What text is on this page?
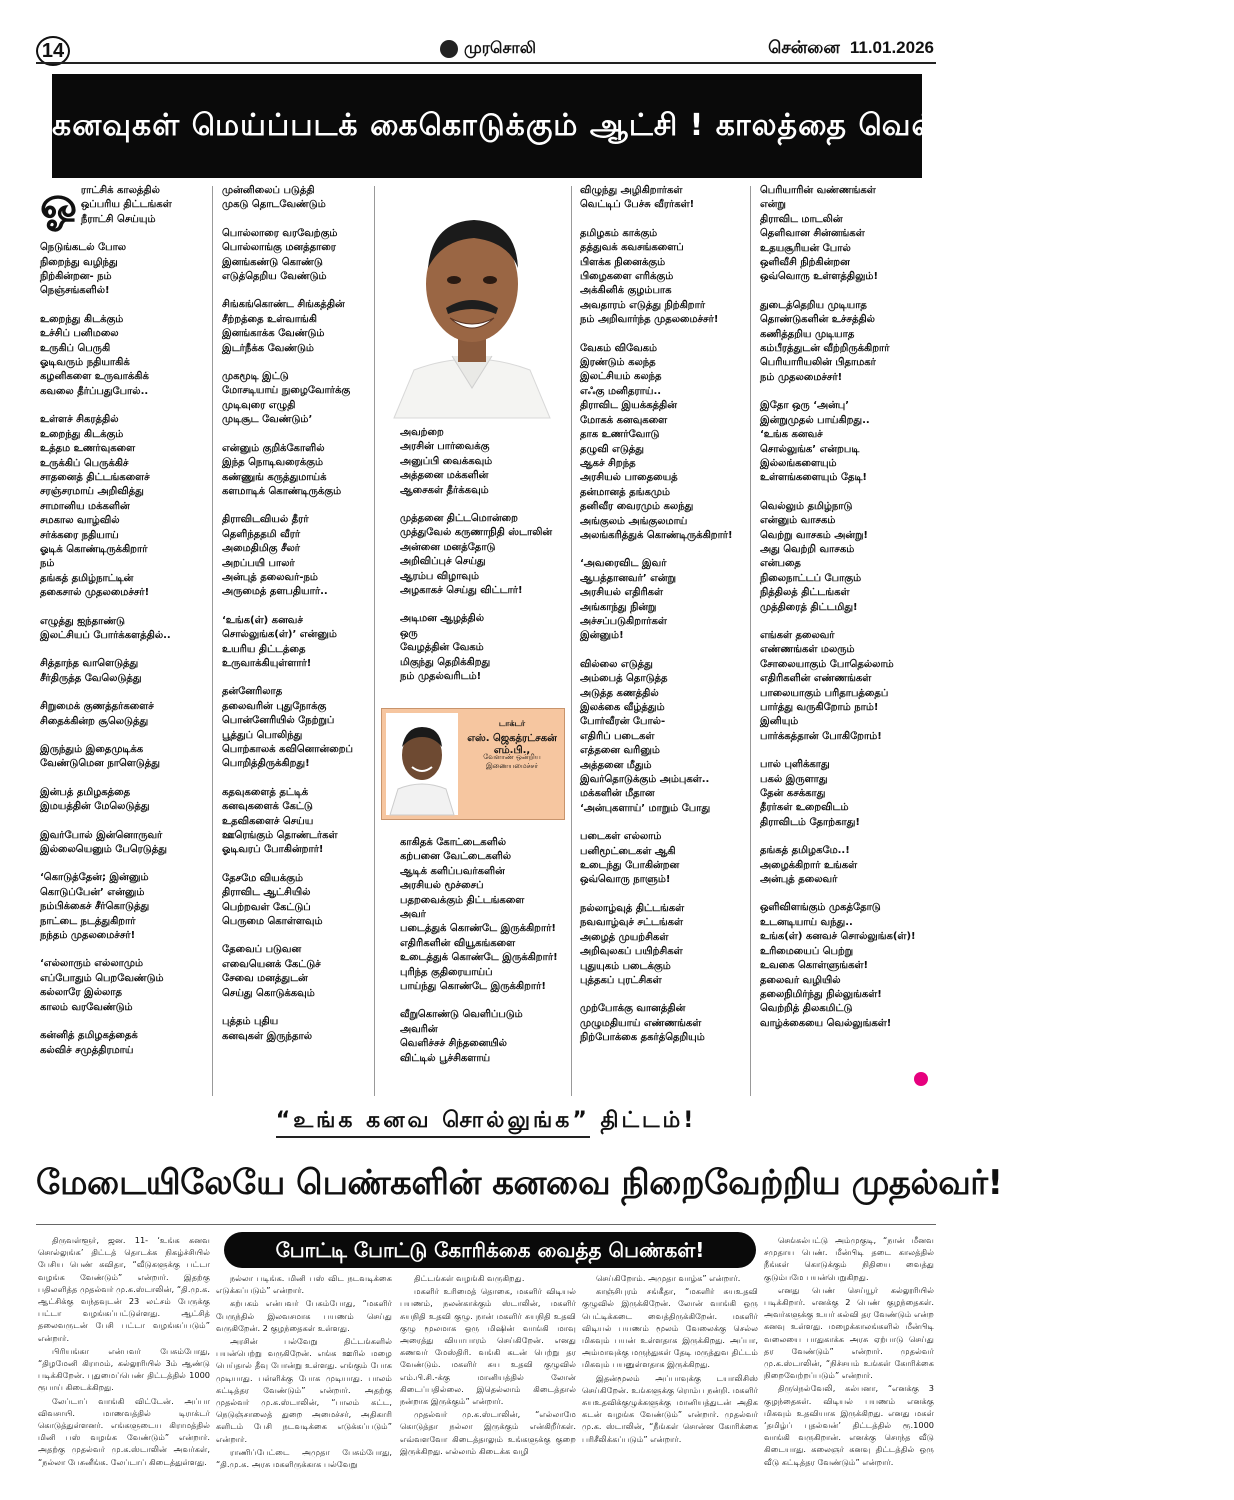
14	முரசொலி	சென்னை 11.01.2026
கனவுகள் மெய்ப்படக் கைகொடுக்கும் ஆட்சி ! காலத்தை வெல்லும் கம்பீரக் காட்சி !
ஓ ராட்சிக் காலத்தில்
ஒப்பரிய திட்டங்கள்
நீராட்சி செய்யும்

நெடுங்கடல் போல
நிறைந்து வழிந்து
நிற்கின்றன- நம்
நெஞ்சங்களில்!

உறைந்து கிடக்கும்
உச்சிப் பனிமலை
உருகிப் பெருகி
ஓடிவரும் நதியாகிக்
கழனிகளை உருவாக்கிக்
கவலை தீர்ப்பதுபோல்..

உள்ளச் சிகரத்தில்
உறைந்து கிடக்கும்
உத்தம உணர்வுகளை
உருக்கிப் பெருக்கிச்
சாதனைத் திட்டங்களைச்
சரஞ்சரமாய் அறிவித்து
சாமானிய மக்களின்
சமகால வாழ்வில்
சர்க்கரை நதியாய்
ஓடிக் கொண்டிருக்கிறார்
நம்
தங்கத் தமிழ்நாட்டின்
தகைசால் முதலமைச்சர்!

எழுத்து ஐந்தாண்டு
இலட்சியப் போர்க்களத்தில்..

சித்தாந்த வாளெடுத்து
சீர்திருத்த வேலெடுத்து

சிறுமைக் குணத்தர்களைச்
சிதைக்கின்ற சூலெடுத்து

இருந்தும் இதைமுடிக்க
வேண்டுமென நாளெடுத்து

இன்பத் தமிழகத்தை
இமயத்தின் மேலெடுத்து

இவர்போல் இன்னொருவர்
இல்லையெனும் பேரெடுத்து

‘கொடுத்தேன்; இன்னும்
கொடுப்பேன்’ என்னும்
நம்பிக்கைச் சீர்கொடுத்து
நாட்டை நடத்துகிறார்
நந்தம் முதலமைச்சர்!

‘எல்லாரும் எல்லாமும்
எப்போதும் பெறவேண்டும்
கல்லாரே இல்லாத
காலம் வரவேண்டும்

கன்னித் தமிழகத்தைக்
கல்விச் சமுத்திரமாய்

முன்னிலைப் படுத்தி
முகடு தொடவேண்டும்

பொல்லாரை வரவேற்கும்
பொல்லாங்கு மனத்தாரை
இனங்கண்டு கொண்டு
எடுத்தெறிய வேண்டும்

சிங்கங்கொண்ட சிங்கத்தின்
சீற்றத்தை உள்வாங்கி
இனங்காக்க வேண்டும்
இடர்நீக்க வேண்டும்

முகமூடி இட்டு
மோசடியாய் நுழைவோர்க்கு
முடிவுரை எழுதி
முடிசூட வேண்டும்’

என்னும் குறிக்கோளில்
இந்த நொடிவரைக்கும்
கண்ணுங் கருத்துமாய்க்
களமாடிக் கொண்டிருக்கும்

திராவிடவியல் தீரர்
தெளிந்ததமி வீரர்
அமைதிமிகு சீலர்
அறப்பயி பாலர்
அன்புத் தலைவர்-நம்
அருமைத் தளபதியார்..

‘உங்க(ள்) கனவச்
சொல்லுங்க(ள்)’ என்னும்
உயரிய திட்டத்தை
உருவாக்கியுள்ளார்!

தன்னேரிலாத
தலைவரின் புதுநோக்கு
பொன்னேரியில் நேற்றுப்
பூத்துப் பொலிந்து
பொற்காலக் கவினொன்றைப்
பொறித்திருக்கிறது!

கதவுகளைத் தட்டிக்
கனவுகளைக் கேட்டு
உதவிகளைச் செய்ய
ஊரெங்கும் தொண்டர்கள்
ஓடிவரப் போகின்றார்!

தேசமே வியக்கும்
திராவிட ஆட்சியில்
பெற்றவள் கேட்டுப்
பெருமை கொள்ளவும்

தேவைப் படுவன
எவையெனக் கேட்டுச்
சேவை மனத்துடன்
செய்து கொடுக்கவும்

புத்தம் புதிய
கனவுகள் இருந்தால்

அவற்றை
அரசின் பார்வைக்கு
அனுப்பி வைக்கவும்
அத்தனை மக்களின்
ஆசைகள் தீர்க்கவும்

முத்தனை திட்டமொன்றை
முத்துவேல் கருணாநிதி ஸ்டாலின்
அன்னை மனத்தோடு
அறிவிப்புச் செய்து
ஆரம்ப விழாவும்
அழகாகச் செய்து விட்டார்!

அடிமன ஆழத்தில்
ஒரு
வேழத்தின் வேகம்
மிகுந்து தெறிக்கிறது
நம் முதல்வரிடம்!

டாக்டர்
எஸ். ஜெகத்ரட்சகன் எம்.பி.,
வேளாண் ஒன்றிய இணையமைச்சர்

காகிதக் கோட்டைகளில்
கற்பனை வேட்டைகளில்
ஆடிக் களிப்பவர்களின்
அரசியல் மூச்சைப்
பதறவைக்கும் திட்டங்களை
அவர்
படைத்துக் கொண்டே இருக்கிறார்!
எதிரிகளின் வியூகங்களை
உடைத்துக் கொண்டே இருக்கிறார்!
புரிந்த குதிரையாய்ப்
பாய்ந்து கொண்டே இருக்கிறார்!

வீறுகொண்டு வெளிப்படும்
அவரின்
வெளிச்சச் சிந்தனையில்
விட்டில் பூச்சிகளாய்

விழுந்து அழிகிறார்கள்
வெட்டிப் பேச்சு வீரர்கள்!

தமிழகம் காக்கும்
தத்துவக் கவசங்களைப்
பிளக்க நினைக்கும்
பிழைகளை எரிக்கும்
அக்கினிக் குழம்பாக
அவதாரம் எடுத்து நிற்கிறார்
நம் அறிவார்ந்த முதலமைச்சர்!

வேகம் விவேகம்
இரண்டும் கலந்த
இலட்சியம் கலந்த
எஃகு மனிதராய்..
திராவிட இயக்கத்தின்
மோகக் கனவுகளை
தாக உணர்வோடு
தழுவி எடுத்து
ஆகச் சிறந்த
அரசியல் பாதையைத்
தன்மானத் தங்கமும்
தனிவீர வைரமும் கலந்து
அங்குலம் அங்குலமாய்
அலங்கரித்துக் கொண்டிருக்கிறார்!

‘அவரைவிட இவர்
ஆபத்தானவர்’ என்று
அரசியல் எதிரிகள்
அங்காந்து நின்று
அச்சப்படுகிறார்கள்
இன்னும்!

வில்லை எடுத்து
அம்பைத் தொடுத்த
அடுத்த கணத்தில்
இலக்கை வீழ்த்தும்
போர்வீரன் போல்-
எதிரிப் படைகள்
எத்தனை வரினும்
அத்தனை மீதும்
இவர்தொடுக்கும் அம்புகள்..
மக்களின் மீதான
‘அன்புகளாய்’ மாறும் போது

படைகள் எல்லாம்
பனிமூட்டைகள் ஆகி
உடைந்து போகின்றன
ஒவ்வொரு நாளும்!

நல்லாழ்வுத் திட்டங்கள்
நவவாழ்வுச் சட்டங்கள்
அழைத் முயற்சிகள்
அறிவுலகப் பயிற்சிகள்
புதுயுகம் படைக்கும்
புத்தகப் புரட்சிகள்

முற்போக்கு வானத்தின்
முழுமதியாய் எண்ணங்கள்
நிற்போக்கை தகர்த்தெறியும்

பெரியாரின் வண்ணங்கள்
என்று
திராவிட மாடலின்
தெளிவான சின்னங்கள்
உதயசூரியன் போல்
ஒளிவீசி நிற்கின்றன
ஒவ்வொரு உள்ளத்திலும்!

துடைத்தெறிய முடியாத
தொண்டுகளின் உச்சத்தில்
கணித்தறிய முடியாத
கம்பீரத்துடன் வீற்றிருக்கிறார்
பெரியாரியலின் பிதாமகர்
நம் முதலமைச்சர்!

இதோ ஒரு ‘அன்பு’
இன்றுமுதல் பாய்கிறது..
‘உங்க கனவச்
சொல்லுங்க’ என்றபடி
இல்லங்களையும்
உள்ளங்களையும் தேடி!

வெல்லும் தமிழ்நாடு
என்னும் வாசகம்
வெற்று வாசகம் அன்று!
அது வெற்றி வாசகம்
என்பதை
நிலைநாட்டப் போகும்
நித்திலத் திட்டங்கள்
முத்திரைத் திட்டமிது!

எங்கள் தலைவர்
எண்ணங்கள் மலரும்
சோலையாகும் போதெல்லாம்
எதிரிகளின் எண்ணங்கள்
பாலையாகும் பரிதாபத்தைப்
பார்த்து வருகிறோம் நாம்!
இனியும்
பார்க்கத்தான் போகிறோம்!

பால் புளிக்காது
பகல் இருளாது
தேன் கசக்காது
தீரர்கள் உறைவிடம்
திராவிடம் தோற்காது!

தங்கத் தமிழகமே..!
அழைக்கிறார் உங்கள்
அன்புத் தலைவர்

ஒளிவிளங்கும் முகத்தோடு
உடனடியாய் வந்து..
உங்க(ள்) கனவச் சொல்லுங்க(ள்)!
உரிமையைப் பெற்று
உவகை கொள்ளுங்கள்!
தலைவர் வழியில்
தலைநிமிர்ந்து நில்லுங்கள்!
வெற்றித் திலகமிட்டு
வாழ்க்கையை வெல்லுங்கள்!

“உங்க கனவ சொல்லுங்க” திட்டம்!
மேடையிலேயே பெண்களின் கனவை நிறைவேற்றிய முதல்வர்!
போட்டி போட்டு கோரிக்கை வைத்த பெண்கள்!

திருவள்ளூர், ஜன. 11- ‘உங்க கனவ சொல்லுங்க’ திட்டத் தொடக்க நிகழ்ச்சியில் பேசிய பெண் கவிதா, “வீடுகளுக்கு பட்டா வழங்க வேண்டும்” என்றார். இதற்கு பதிலளித்த முதல்வர் மு.க.ஸ்டாலின், “தி.மு.க. ஆட்சிக்கு வந்தவுடன் 23 லட்சம் பேருக்கு பட்டா வழங்கப்பட்டுள்ளது. ஆட்சித் தலைவருடன் பேசி பட்டா வழங்கப்படும்” என்றார்.

பிரியங்கா என்பவர் பேசும்போது, “திழமேனி கிராமம், கல்லூரியில் 3ம் ஆண்டு படிக்கிறேன். புதுமைப்பெண் திட்டத்தில் 1000 ரூபாய் கிடைக்கிறது.

லேப்டாப் வாங்கி விட்டேன். அப்பா விவசாயி. மாணவத்தில் டிராக்டர் கொடுத்துள்ளனர். எங்களுடைய கிராமத்தில் மினி பஸ் வழங்க வேண்டும்” என்றார். அதற்கு முதல்வர் மு.க.ஸ்டாலின் அவர்கள், “நல்லா பேசுனீங்க. லேப்டாப் கிடைத்துள்ளது.

நல்லா படிங்க. மினி பஸ் விட நடவடிக்கை எடுக்கப்படும்” என்றார்.

கற்பகம் என்பவர் பேசும்போது, “மகளிர் பேருந்தில் இலவசமாக பயணம் செய்து வருகிறேன். 2 குழந்தைகள் உள்ளது.

அரசின் பல்வேறு திட்டங்களில் பயன்பெற்று வருகிறேன். எங்க ஊரில் மழை பெய்தால் தீவு போன்று உள்ளது. எங்கும் போக முடியாது. பள்ளிக்கு போக முடியாது. பாலம் கட்டித்தர வேண்டும்” என்றார். அதற்கு முதல்வர் மு.க.ஸ்டாலின், “பாலம் கட்ட, நெடுஞ்சாலைத் துறை அமைச்சர், அதிகாரி களிடம் பேசி நடவடிக்கை எடுக்கப்படும்” என்றார்.

ராணிப்பேட்டை அமுதா பேசும்போது, “தி.மு.க. அரசு மகளிருக்காக பல்வேறு

திட்டங்கள் வழங்கி வருகிறது.

மகளிர் உரிமைத் தொகை, மகளிர் விடியல் பயணம், நலன்காக்கும் ஸ்டாலின், மகளிர் சுயநிதி உதவி குழு. நான் மகளிர் சுயநிதி உதவி குழு மூலமாக ஒரு மிஷின் வாங்கி மாவு அரைத்து வியாபாரம் செய்கிறேன். எனது கணவர் மேஸ்திரி. வங்கி கடன் பெற்று தர வேண்டும். மகளிர் சுய உதவி குழுவில் எம்.பி.சி.-க்கு மானியத்தில் லோன் கிடைப்பதில்லை. இதெல்லாம் கிடைத்தால் நன்றாக இருக்கும்” என்றார்.

முதல்வர் மு.க.ஸ்டாலின், “எல்லாமே கொடுத்தா நல்லா இருக்கும் என்கிறீர்கள். எவ்வளவோ கிடைத்தாலும் உங்களுக்கு குறை இருக்கிறது. எல்லாம் கிடைக்க வழி

செய்கிறோம். அமுதா வாழ்க” என்றார்.

காஞ்சிபுரம் சங்கீதா, “மகளிர் சுயஉதவி குழுவில் இருக்கிறேன். லோன் வாங்கி ஒரு பெட்டிக்கடை வைத்திருக்கிறேன். மகளிர் விடியல் பயணம் மூலம் வேலைக்கு செல்ல மிகவும் பயன் உள்ளதாக இருக்கிறது. அப்பா, அம்மாவுக்கு மருந்துகள் தேடி மருத்துவ திட்டம் மிகவும் பயனுள்ளதாக இருக்கிறது.

இதன்மூலம் அப்பாவுக்கு டயாலிசிஸ் செய்கிறேன். உங்களுக்கு ரொம்ப நன்றி. மகளிர் சுயஉதவிக்குழுக்களுக்கு மானியத்துடன் அதிக கடன் வழங்க வேண்டும்” என்றார். முதல்வர் மு.க. ஸ்டாலின், “நீங்கள் சொன்ன கோரிக்கை பரிசீலிக்கப்படும்” என்றார்.

செங்கல்பட்டு அம்முகுடி, “நான் மீனவ சமுதாய பெண். மீன்பிடி தடை காலத்தில் நீங்கள் கொடுக்கும் நிதியை வைத்து குடும்பமே பயன்பெறுகிறது.

எனது பெண் செய்யூர் கல்லூரியில் படிக்கிறார். எனக்கு 2 பெண் குழந்தைகள். அவர்களுக்கு உயர் கல்வி தர வேண்டும் என்ற கனவு உள்ளது. மழைக்காலங்களில் மீன்பிடி வலையை பாதுகாக்க அரசு ஏற்பாடு செய்து தர வேண்டும்” என்றார். முதல்வர் மு.க.ஸ்டாலின், “நிச்சயம் உங்கள் கோரிக்கை நிறைவேற்றப்படும்” என்றார்.

திருநெல்வேலி, கல்பனா, “எனக்கு 3 குழந்தைகள். விடியல் பயணம் எனக்கு மிகவும் உதவியாக இருக்கிறது. எனது மகள் ‘தமிழ்ப் புதல்வன்’ திட்டத்தில் ரூ.1000 வாங்கி வருகிறான். எனக்கு சொந்த வீடு கிடையாது. கலைஞர் கனவு திட்டத்தில் ஒரு வீடு கட்டித்தர வேண்டும்” என்றார்.
